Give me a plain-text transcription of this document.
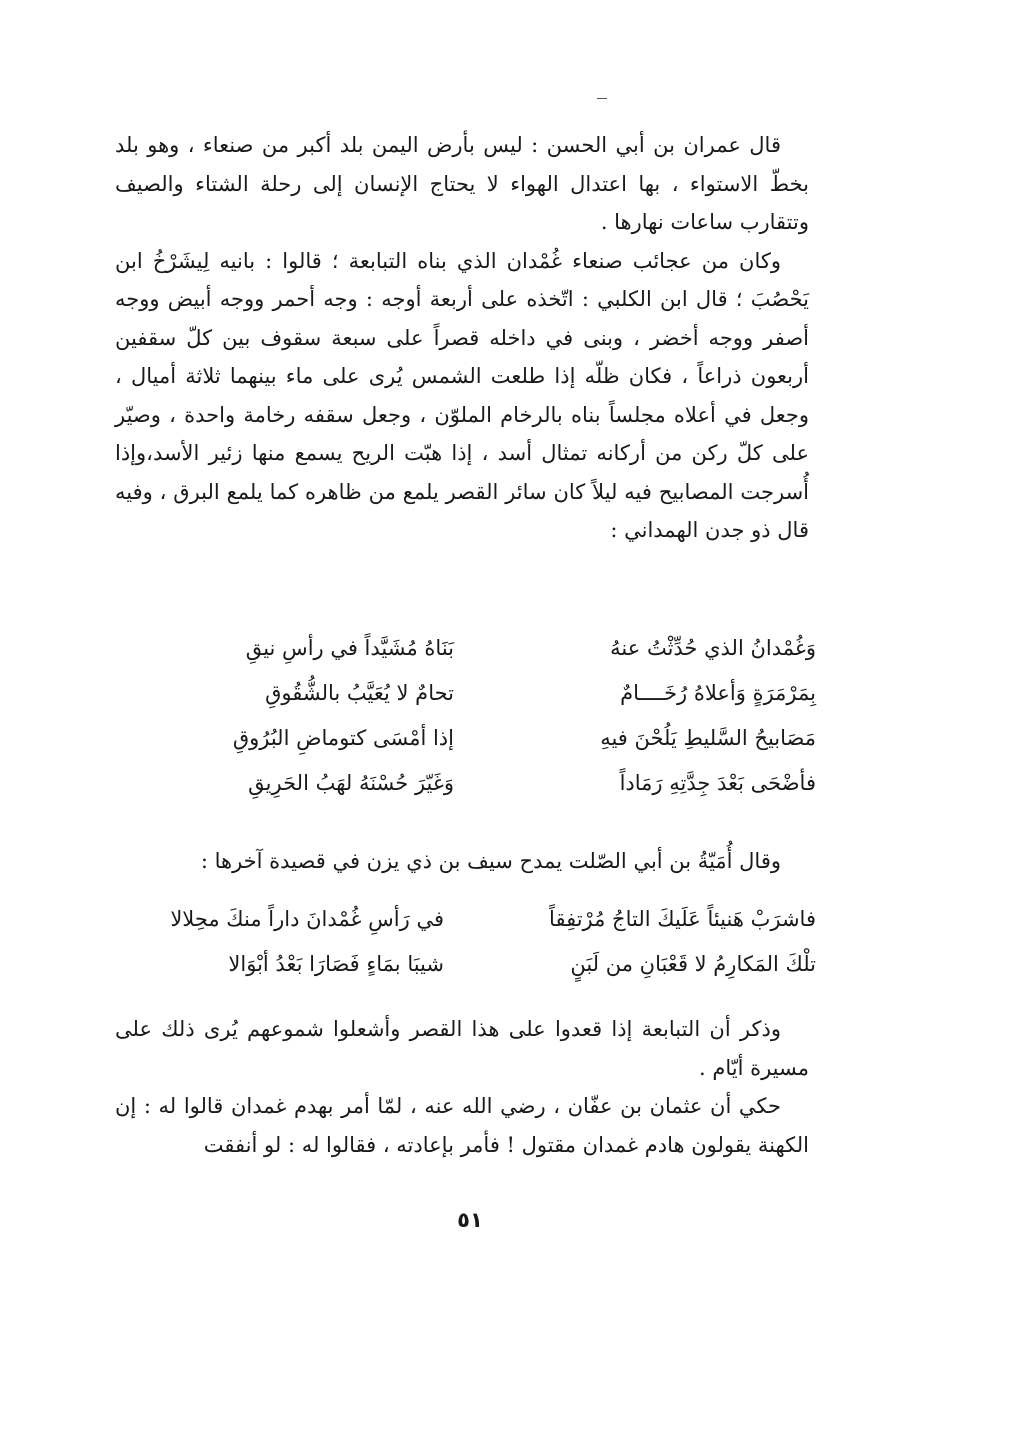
قال عمران بن أبي الحسن : ليس بأرض اليمن بلد أكبر من صنعاء ، وهو بلد بخطّ الاستواء ، بها اعتدال الهواء لا يحتاج الإنسان إلى رحلة الشتاء والصيف وتتقارب ساعات نهارها .

وكان من عجائب صنعاء غُمْدان الذي بناه التبابعة ؛ قالوا : بانيه لِيشَرْخُ ابن يَحْصُبَ ؛ قال ابن الكلبي : اتّخذه على أربعة أوجه : وجه أحمر ووجه أبيض ووجه أصفر ووجه أخضر ، وبنى في داخله قصراً على سبعة سقوف بين كلّ سقفين أربعون ذراعاً ، فكان ظلّه إذا طلعت الشمس يُرى على ماء بينهما ثلاثة أميال ، وجعل في أعلاه مجلساً بناه بالرخام الملوّن ، وجعل سقفه رخامة واحدة ، وصيّر على كلّ ركن من أركانه تمثال أسد ، إذا هبّت الريح يسمع منها زئير الأسد،وإذا أُسرجت المصابيح فيه ليلاً كان سائر القصر يلمع من ظاهره كما يلمع البرق ، وفيه قال ذو جدن الهمداني :

وَغُمْدانُ الذي حُدِّثْتُ عنهُ
بَنَاهُ مُشَيَّداً في رأسِ نيقِ
بِمَرْمَرَةٍ وَأعلاهُ رُخَــــامٌ
تحامٌ لا يُعَيَّبُ بالشُّقُوقِ
مَصَابيحُ السَّليطِ يَلُحْنَ فيهِ
إذا أمْسَى كتوماضِ البُرُوقِ
فأضْحَى بَعْدَ جِدَّتِهِ رَمَاداً
وَغَيّرَ حُسْنَهُ لهَبُ الحَرِيقِ

وقال أُمَيّةُ بن أبي الصّلت يمدح سيف بن ذي يزن في قصيدة آخرها :

فاشرَبْ هَنيئاً عَلَيكَ التاجُ مُرْتفِقاً
في رَأسِ غُمْدانَ داراً منكَ محِلالا
تلْكَ المَكارِمُ لا قَعْبَانِ من لَبَنٍ
شيبَا بمَاءٍ فَصَارَا بَعْدُ أبْوَالا

وذكر أن التبابعة إذا قعدوا على هذا القصر وأشعلوا شموعهم يُرى ذلك على مسيرة أيّام .

حكي أن عثمان بن عفّان ، رضي الله عنه ، لمّا أمر بهدم غمدان قالوا له : إن الكهنة يقولون هادم غمدان مقتول ! فأمر بإعادته ، فقالوا له : لو أنفقت

٥١
